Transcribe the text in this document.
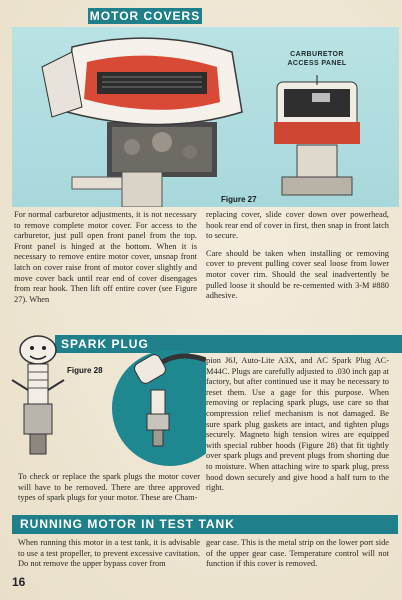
CARBURETOR ACCESS PANEL
Figure 27
MOTOR COVERS

For normal carburetor adjustments, it is not necessary to remove complete motor cover. For access to the carburetor, just pull open front panel from the top. Front panel is hinged at the bottom. When it is necessary to remove entire motor cover, unsnap front latch on cover raise front of motor cover slightly and move cover back until rear end of cover disengages from rear hook. Then lift off entire cover (see Figure 27). When

replacing cover, slide cover down over powerhead, hook rear end of cover in first, then snap in front latch to secure.

Care should be taken when installing or removing cover to prevent pulling cover seal loose from lower motor cover rim. Should the seal inadvertently be pulled loose it should be re-cemented with 3-M #880 adhesive.

SPARK PLUG
Figure 28

pion J6J, Auto-Lite A3X, and AC Spark Plug AC-M44C. Plugs are carefully adjusted to .030 inch gap at factory, but after continued use it may be necessary to reset them. Use a gage for this purpose. When removing or replacing spark plugs, use care so that compression relief mechanism is not damaged. Be sure spark plug gaskets are intact, and tighten plugs securely. Magneto high tension wires are equipped with special rubber hoods (Figure 28) that fit tightly over spark plugs and prevent plugs from shorting due to moisture. When attaching wire to spark plug, press hood down securely and give hood a half turn to the right.

To check or replace the spark plugs the motor cover will have to be removed. There are three approved types of spark plugs for your motor. These are Cham-

RUNNING MOTOR IN TEST TANK

When running this motor in a test tank, it is advisable to use a test propeller, to prevent excessive cavitation. Do not remove the upper bypass cover from

gear case. This is the metal strip on the lower port side of the upper gear case. Temperature control will not function if this cover is removed.

16
